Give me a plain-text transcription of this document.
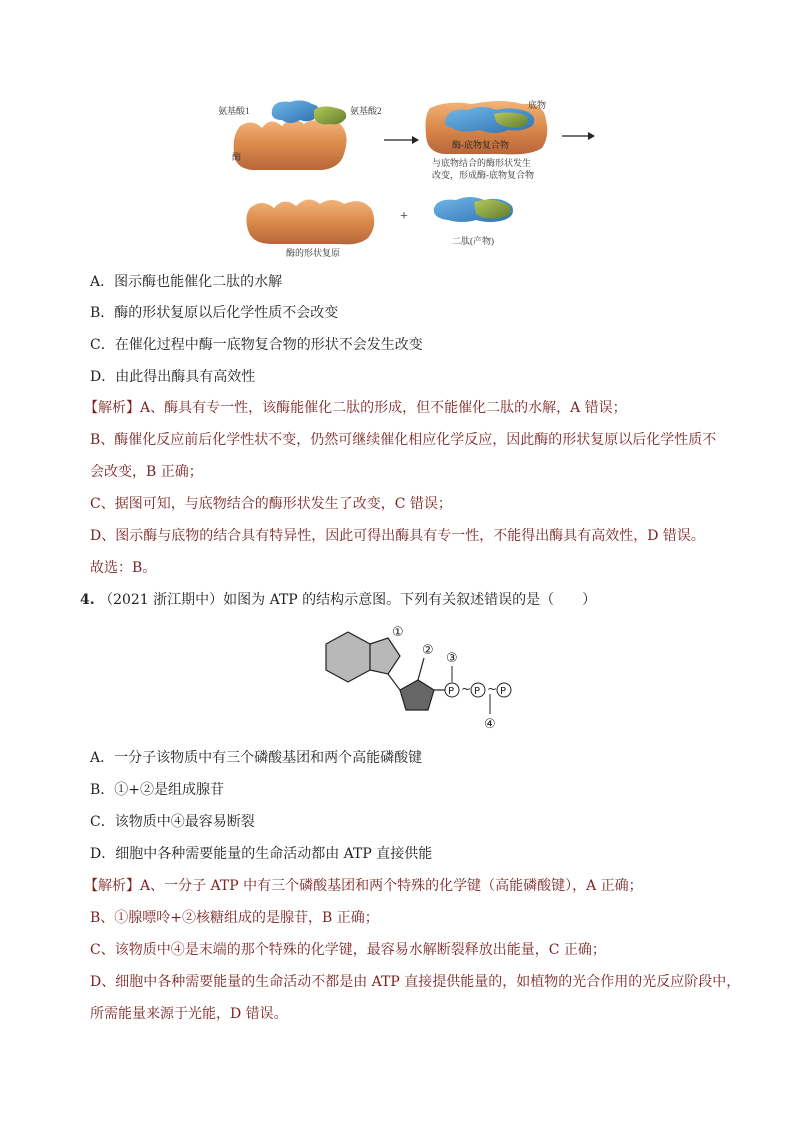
氨基酸1	氨基酸2
酶
底物
酶-底物复合物
与底物结合的酶形状发生
改变，形成酶-底物复合物
酶的形状复原
+
二肽(产物)
A．图示酶也能催化二肽的水解
B．酶的形状复原以后化学性质不会改变
C．在催化过程中酶一底物复合物的形状不会发生改变
D．由此得出酶具有高效性
【解析】A、酶具有专一性，该酶能催化二肽的形成，但不能催化二肽的水解，A 错误；
B、酶催化反应前后化学性状不变，仍然可继续催化相应化学反应，因此酶的形状复原以后化学性质不
会改变，B 正确；
C、据图可知，与底物结合的酶形状发生了改变，C 错误；
D、图示酶与底物的结合具有特异性，因此可得出酶具有专一性，不能得出酶具有高效性，D 错误。
故选：B。
4. （2021 浙江期中）如图为 ATP 的结构示意图。下列有关叙述错误的是（　　）
①
②
③
P ~ P ~ P
④
A．一分子该物质中有三个磷酸基团和两个高能磷酸键
B．①+②是组成腺苷
C．该物质中④最容易断裂
D．细胞中各种需要能量的生命活动都由 ATP 直接供能
【解析】A、一分子 ATP 中有三个磷酸基团和两个特殊的化学键（高能磷酸键），A 正确；
B、①腺嘌呤+②核糖组成的是腺苷，B 正确；
C、该物质中④是末端的那个特殊的化学键，最容易水解断裂释放出能量，C 正确；
D、细胞中各种需要能量的生命活动不都是由 ATP 直接提供能量的，如植物的光合作用的光反应阶段中，
所需能量来源于光能，D 错误。
